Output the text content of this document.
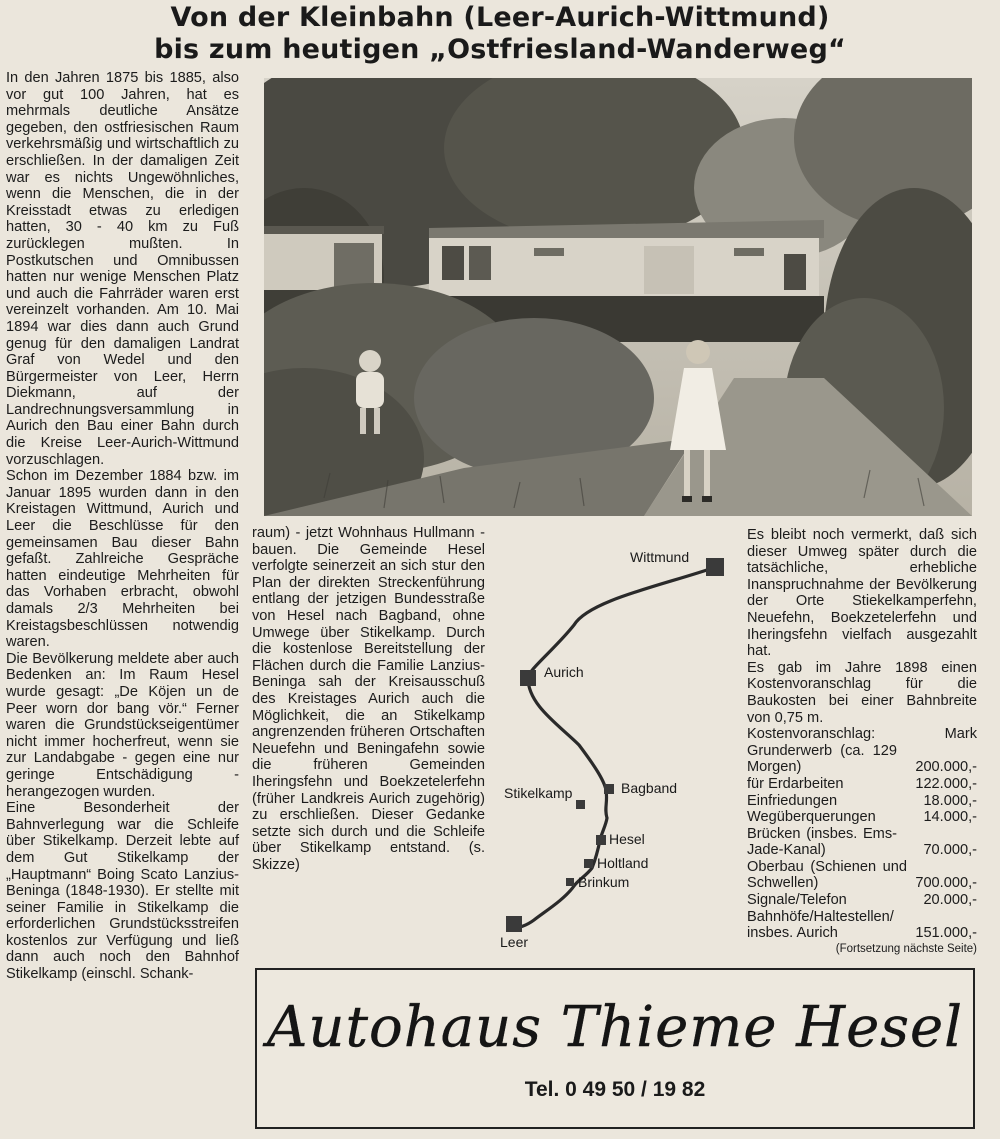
Von der Kleinbahn (Leer-Aurich-Wittmund)
bis zum heutigen „Ostfriesland-Wanderweg“

In den Jahren 1875 bis 1885, also vor gut 100 Jahren, hat es mehrmals deutliche Ansätze gegeben, den ostfriesischen Raum verkehrsmäßig und wirtschaftlich zu erschließen. In der damaligen Zeit war es nichts Ungewöhnliches, wenn die Menschen, die in der Kreisstadt etwas zu erledigen hatten, 30 - 40 km zu Fuß zurücklegen mußten. In Postkutschen und Omnibussen hatten nur wenige Menschen Platz und auch die Fahrräder waren erst vereinzelt vorhanden. Am 10. Mai 1894 war dies dann auch Grund genug für den damaligen Landrat Graf von Wedel und den Bürgermeister von Leer, Herrn Diekmann, auf der Landrechnungsversammlung in Aurich den Bau einer Bahn durch die Kreise Leer-Aurich-Wittmund vorzuschlagen.

Schon im Dezember 1884 bzw. im Januar 1895 wurden dann in den Kreistagen Wittmund, Aurich und Leer die Beschlüsse für den gemeinsamen Bau dieser Bahn gefaßt. Zahlreiche Gespräche hatten eindeutige Mehrheiten für das Vorhaben erbracht, obwohl damals 2/3 Mehrheiten bei Kreistagsbeschlüssen notwendig waren.

Die Bevölkerung meldete aber auch Bedenken an: Im Raum Hesel wurde gesagt: „De Köjen un de Peer worn dor bang vör.“ Ferner waren die Grundstückseigentümer nicht immer hocherfreut, wenn sie zur Landabgabe - gegen eine nur geringe Entschädigung - herangezogen wurden.

Eine Besonderheit der Bahnverlegung war die Schleife über Stikelkamp. Derzeit lebte auf dem Gut Stikelkamp der „Hauptmann“ Boing Scato Lanzius-Beninga (1848-1930). Er stellte mit seiner Familie in Stikelkamp die erforderlichen Grundstücksstreifen kostenlos zur Verfügung und ließ dann auch noch den Bahnhof Stikelkamp (einschl. Schank-

raum) - jetzt Wohnhaus Hullmann - bauen. Die Gemeinde Hesel verfolgte seinerzeit an sich stur den Plan der direkten Streckenführung entlang der jetzigen Bundesstraße von Hesel nach Bagband, ohne Umwege über Stikelkamp. Durch die kostenlose Bereitstellung der Flächen durch die Familie Lanzius-Beninga sah der Kreisausschuß des Kreistages Aurich auch die Möglichkeit, die an Stikelkamp angrenzenden früheren Ortschaften Neuefehn und Beningafehn sowie die früheren Gemeinden Iheringsfehn und Boekzetelerfehn (früher Landkreis Aurich zugehörig) zu erschließen. Dieser Gedanke setzte sich durch und die Schleife über Stikelkamp entstand. (s. Skizze)

Wittmund
Aurich
Stikelkamp	Bagband
Hesel
Holtland
Brinkum
Leer

Es bleibt noch vermerkt, daß sich dieser Umweg später durch die tatsächliche, erhebliche Inanspruchnahme der Bevölkerung der Orte Stiekelkamperfehn, Neuefehn, Boekzetelerfehn und Iheringsfehn vielfach ausgezahlt hat.

Es gab im Jahre 1898 einen Kostenvoranschlag für die Baukosten bei einer Bahnbreite von 0,75 m.

Kostenvoranschlag:	Mark
Grunderwerb (ca. 129 Morgen)	200.000,-
für Erdarbeiten	122.000,-
Einfriedungen	18.000,-
Wegüberquerungen	14.000,-
Brücken (insbes. Ems-Jade-Kanal)	70.000,-
Oberbau (Schienen und Schwellen)	700.000,-
Signale/Telefon	20.000,-
Bahnhöfe/Haltestellen/ insbes. Aurich	151.000,-
(Fortsetzung nächste Seite)
Autohaus Thieme Hesel
Tel. 0 49 50 / 19 82
